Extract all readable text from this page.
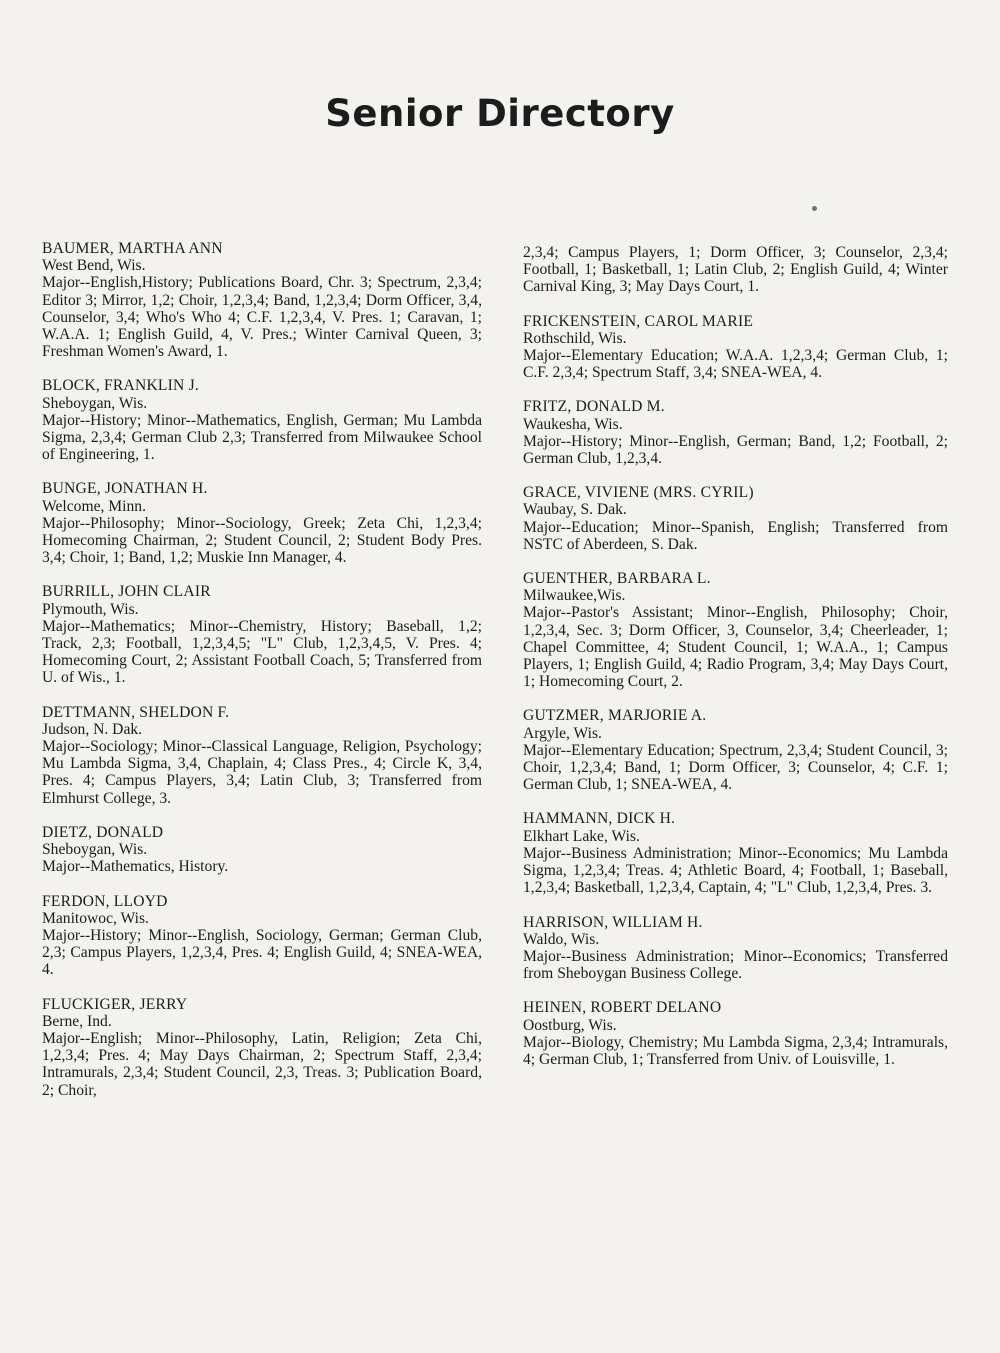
Senior Directory
BAUMER, MARTHA ANN
West Bend, Wis.
Major--English,History; Publications Board, Chr. 3; Spectrum, 2,3,4; Editor 3; Mirror, 1,2; Choir, 1,2,3,4; Band, 1,2,3,4; Dorm Officer, 3,4, Counselor, 3,4; Who's Who 4; C.F. 1,2,3,4, V. Pres. 1; Caravan, 1; W.A.A. 1; English Guild, 4, V. Pres.; Winter Carnival Queen, 3; Freshman Women's Award, 1.
BLOCK, FRANKLIN J.
Sheboygan, Wis.
Major--History; Minor--Mathematics, English, German; Mu Lambda Sigma, 2,3,4; German Club 2,3; Transferred from Milwaukee School of Engineering, 1.
BUNGE, JONATHAN H.
Welcome, Minn.
Major--Philosophy; Minor--Sociology, Greek; Zeta Chi, 1,2,3,4; Homecoming Chairman, 2; Student Council, 2; Student Body Pres. 3,4; Choir, 1; Band, 1,2; Muskie Inn Manager, 4.
BURRILL, JOHN CLAIR
Plymouth, Wis.
Major--Mathematics; Minor--Chemistry, History; Baseball, 1,2; Track, 2,3; Football, 1,2,3,4,5; "L" Club, 1,2,3,4,5, V. Pres. 4; Homecoming Court, 2; Assistant Football Coach, 5; Transferred from U. of Wis., 1.
DETTMANN, SHELDON F.
Judson, N. Dak.
Major--Sociology; Minor--Classical Language, Religion, Psychology; Mu Lambda Sigma, 3,4, Chaplain, 4; Class Pres., 4; Circle K, 3,4, Pres. 4; Campus Players, 3,4; Latin Club, 3; Transferred from Elmhurst College, 3.
DIETZ, DONALD
Sheboygan, Wis.
Major--Mathematics, History.
FERDON, LLOYD
Manitowoc, Wis.
Major--History; Minor--English, Sociology, German; German Club, 2,3; Campus Players, 1,2,3,4, Pres. 4; English Guild, 4; SNEA-WEA, 4.
FLUCKIGER, JERRY
Berne, Ind.
Major--English; Minor--Philosophy, Latin, Religion; Zeta Chi, 1,2,3,4; Pres. 4; May Days Chairman, 2; Spectrum Staff, 2,3,4; Intramurals, 2,3,4; Student Council, 2,3, Treas. 3; Publication Board, 2; Choir,
2,3,4; Campus Players, 1; Dorm Officer, 3; Counselor, 2,3,4; Football, 1; Basketball, 1; Latin Club, 2; English Guild, 4; Winter Carnival King, 3; May Days Court, 1.
FRICKENSTEIN, CAROL MARIE
Rothschild, Wis.
Major--Elementary Education; W.A.A. 1,2,3,4; German Club, 1; C.F. 2,3,4; Spectrum Staff, 3,4; SNEA-WEA, 4.
FRITZ, DONALD M.
Waukesha, Wis.
Major--History; Minor--English, German; Band, 1,2; Football, 2; German Club, 1,2,3,4.
GRACE, VIVIENE (MRS. CYRIL)
Waubay, S. Dak.
Major--Education; Minor--Spanish, English; Transferred from NSTC of Aberdeen, S. Dak.
GUENTHER, BARBARA L.
Milwaukee,Wis.
Major--Pastor's Assistant; Minor--English, Philosophy; Choir, 1,2,3,4, Sec. 3; Dorm Officer, 3, Counselor, 3,4; Cheerleader, 1; Chapel Committee, 4; Student Council, 1; W.A.A., 1; Campus Players, 1; English Guild, 4; Radio Program, 3,4; May Days Court, 1; Homecoming Court, 2.
GUTZMER, MARJORIE A.
Argyle, Wis.
Major--Elementary Education; Spectrum, 2,3,4; Student Council, 3; Choir, 1,2,3,4; Band, 1; Dorm Officer, 3; Counselor, 4; C.F. 1; German Club, 1; SNEA-WEA, 4.
HAMMANN, DICK H.
Elkhart Lake, Wis.
Major--Business Administration; Minor--Economics; Mu Lambda Sigma, 1,2,3,4; Treas. 4; Athletic Board, 4; Football, 1; Baseball, 1,2,3,4; Basketball, 1,2,3,4, Captain, 4; "L" Club, 1,2,3,4, Pres. 3.
HARRISON, WILLIAM H.
Waldo, Wis.
Major--Business Administration; Minor--Economics; Transferred from Sheboygan Business College.
HEINEN, ROBERT DELANO
Oostburg, Wis.
Major--Biology, Chemistry; Mu Lambda Sigma, 2,3,4; Intramurals, 4; German Club, 1; Transferred from Univ. of Louisville, 1.
